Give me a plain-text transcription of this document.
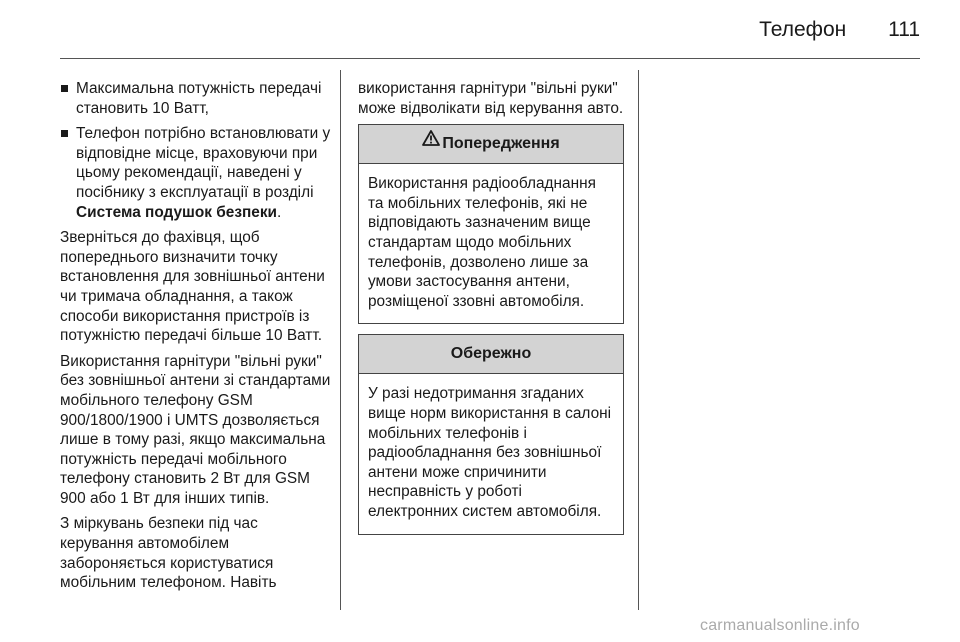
Телефон 111
Максимальна потужність передачі становить 10 Ватт,
Телефон потрібно встановлювати у відповідне місце, враховуючи при цьому рекомендації, наведені у посібнику з експлуатації в розділі Система подушок безпеки.

Зверніться до фахівця, щоб попереднього визначити точку встановлення для зовнішньої антени чи тримача обладнання, а також способи використання пристроїв із потужністю передачі більше 10 Ватт.

Використання гарнітури "вільні руки" без зовнішньої антени зі стандартами мобільного телефону GSM 900/1800/1900 і UMTS дозволяється лише в тому разі, якщо максимальна потужність передачі мобільного телефону становить 2 Вт для GSM 900 або 1 Вт для інших типів.

З міркувань безпеки під час керування автомобілем забороняється користуватися мобільним телефоном. Навіть

використання гарнітури "вільні руки" може відволікати від керування авто.

Попередження
Використання радіообладнання та мобільних телефонів, які не відповідають зазначеним вище стандартам щодо мобільних телефонів, дозволено лише за умови застосування антени, розміщеної ззовні автомобіля.
Обережно
У разі недотримання згаданих вище норм використання в салоні мобільних телефонів і радіообладнання без зовнішньої антени може спричинити несправність у роботі електронних систем автомобіля.
carmanualsonline.info
